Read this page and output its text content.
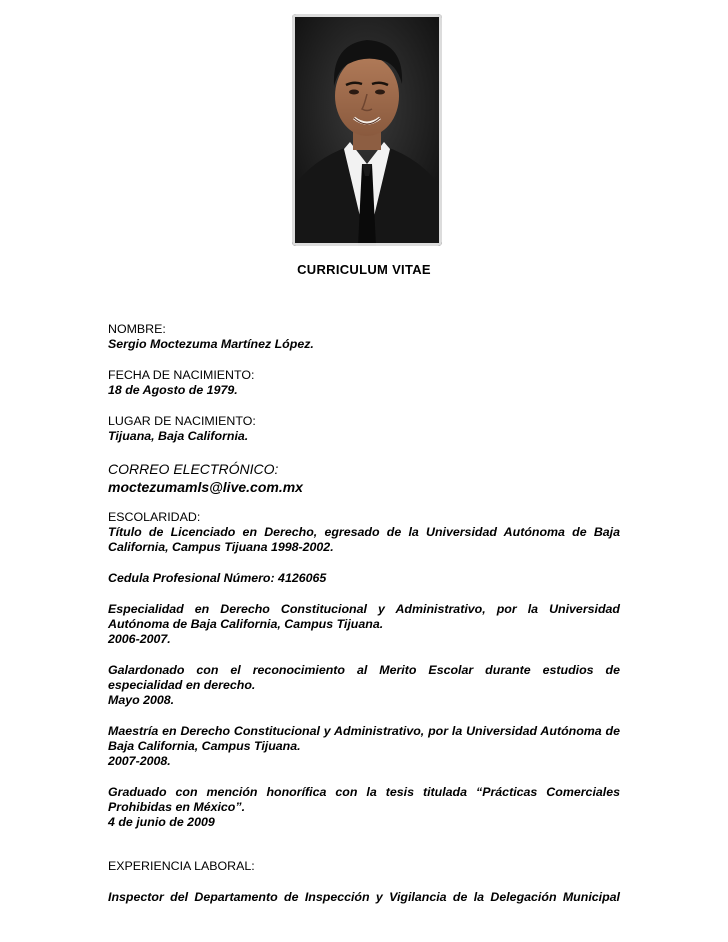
CURRICULUM VITAE
NOMBRE:
Sergio Moctezuma Martínez López.
FECHA DE NACIMIENTO:
18 de Agosto de 1979.
LUGAR DE NACIMIENTO:
Tijuana, Baja California.
CORREO ELECTRÓNICO:
moctezumamls@live.com.mx
ESCOLARIDAD:
Título de Licenciado en Derecho, egresado de la Universidad Autónoma de Baja California, Campus Tijuana 1998-2002.
Cedula Profesional Número: 4126065
Especialidad en Derecho Constitucional y Administrativo, por la Universidad Autónoma de Baja California, Campus Tijuana.
2006-2007.
Galardonado con el reconocimiento al Merito Escolar durante estudios de especialidad en derecho.
Mayo 2008.
Maestría en Derecho Constitucional y Administrativo, por la Universidad Autónoma de Baja California, Campus Tijuana.
2007-2008.
Graduado con mención honorífica con la tesis titulada “Prácticas Comerciales Prohibidas en México”.
4 de junio de 2009
EXPERIENCIA LABORAL:
Inspector del Departamento de Inspección y Vigilancia de la Delegación Municipal
